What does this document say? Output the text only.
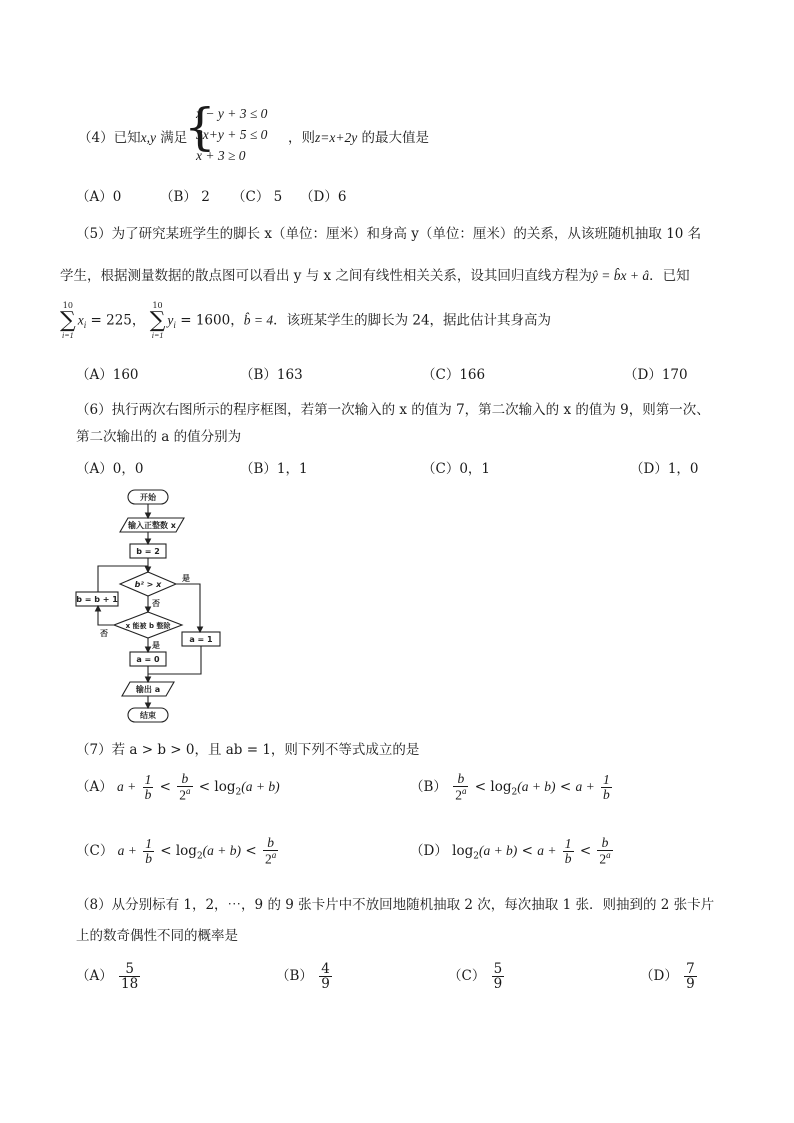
（4）已知x,y 满足
{
x − y + 3 ≤ 0
3x+y + 5 ≤ 0
x + 3 ≥ 0
，则z=x+2y 的最大值是
（A）0	（B） 2 （C） 5 （D）6
（5）为了研究某班学生的脚长 x（单位：厘米）和身高 y（单位：厘米）的关系，从该班随机抽取 10 名
学生，根据测量数据的散点图可以看出 y 与 x 之间有线性相关关系，设其回归直线方程为ŷ = b̂x + â．已知
10
∑
i=1
$x_i = 225$，
10
∑
i=1
$y_i = 1600$，b̂ = 4．该班某学生的脚长为 24，据此估计其身高为
（A）160	（B）163	（C）166	（D）170
（6）执行两次右图所示的程序框图，若第一次输入的 x 的值为 7，第二次输入的 x 的值为 9，则第一次、
第二次输出的 a 的值分别为
（A）0，0	（B）1，1	（C）0，1	（D）1，0
开始
输入正整数 x
b = 2
b² > x
是
否
x 能被 b 整除
否
是
b = b + 1
a = 1
a = 0
输出 a
结束
（7）若 a > b > 0，且 ab = 1，则下列不等式成立的是
（A） $a + \frac{1}{b} < \frac{b}{2^a} < \log_2(a + b)$	$(B) \frac{b}{2^a} < \log_2(a + b) < a + \frac{1}{b}$
（C） $a + \frac{1}{b} < \log_2(a + b) < \frac{b}{2^a}$	（D） $\log_2(a + b) < a + \frac{1}{b} < \frac{b}{2^a}$
（8）从分别标有 1，2，⋯，9 的 9 张卡片中不放回地随机抽取 2 次，每次抽取 1 张．则抽到的 2 张卡片
上的数奇偶性不同的概率是
$(A) \frac{5}{18}$	$(B) \frac{4}{9}$	$(C) \frac{5}{9}$	$(D) \frac{7}{9}$
